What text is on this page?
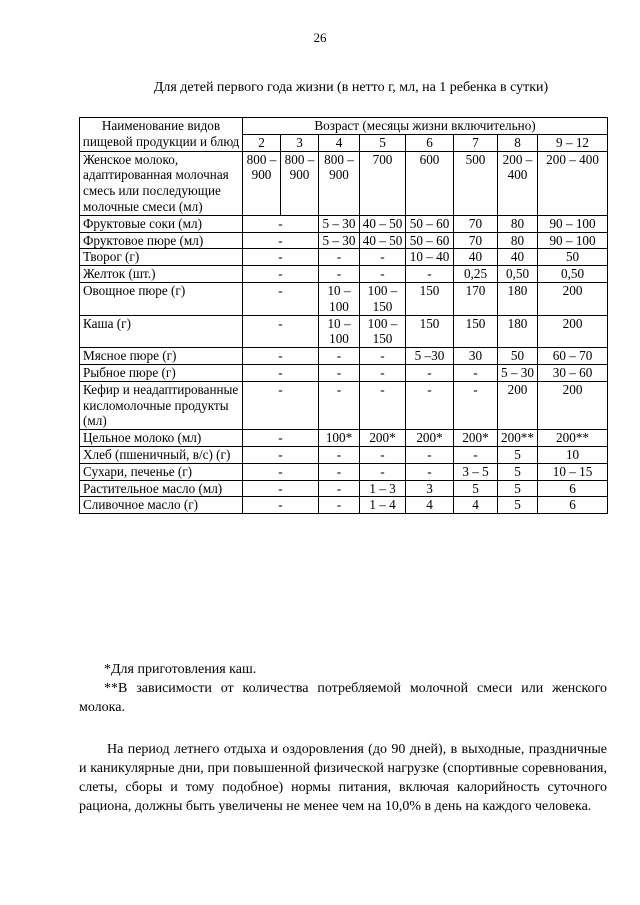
26
Для детей первого года жизни (в нетто г, мл, на 1 ребенка в сутки)
Наименование видов пищевой продукции и блюд	Возраст (месяцы жизни включительно)							
	2	3	4	5	6	7	8	9 – 12
Женское молоко, адаптированная молочная смесь или последующие молочные смеси (мл)	800 – 900	800 – 900	800 – 900	700	600	500	200 – 400	200 – 400
Фруктовые соки (мл)	-		5 – 30	40 – 50	50 – 60	70	80	90 – 100
Фруктовое пюре (мл)	-		5 – 30	40 – 50	50 – 60	70	80	90 – 100
Творог (г)	-		-	-	10 – 40	40	40	50
Желток (шт.)	-		-	-	-	0,25	0,50	0,50
Овощное пюре (г)	-		10 – 100	100 – 150	150	170	180	200
Каша (г)	-		10 – 100	100 – 150	150	150	180	200
Мясное пюре (г)	-		-	-	5 –30	30	50	60 – 70
Рыбное пюре (г)	-		-	-	-	-	5 – 30	30 – 60
Кефир и неадаптированные кисломолочные продукты (мл)	-		-	-	-	-	200	200
Цельное молоко (мл)	-		100*	200*	200*	200*	200**	200**
Хлеб (пшеничный, в/с) (г)	-		-	-	-	-	5	10
Сухари, печенье (г)	-		-	-	-	3 – 5	5	10 – 15
Растительное масло (мл)	-		-	1 – 3	3	5	5	6
Сливочное масло (г)	-		-	1 – 4	4	4	5	6

*Для приготовления каш.

**В зависимости от количества потребляемой молочной смеси или женского молока.

На период летнего отдыха и оздоровления (до 90 дней), в выходные, праздничные и каникулярные дни, при повышенной физической нагрузке (спортивные соревнования, слеты, сборы и тому подобное) нормы питания, включая калорийность суточного рациона, должны быть увеличены не менее чем на 10,0% в день на каждого человека.
